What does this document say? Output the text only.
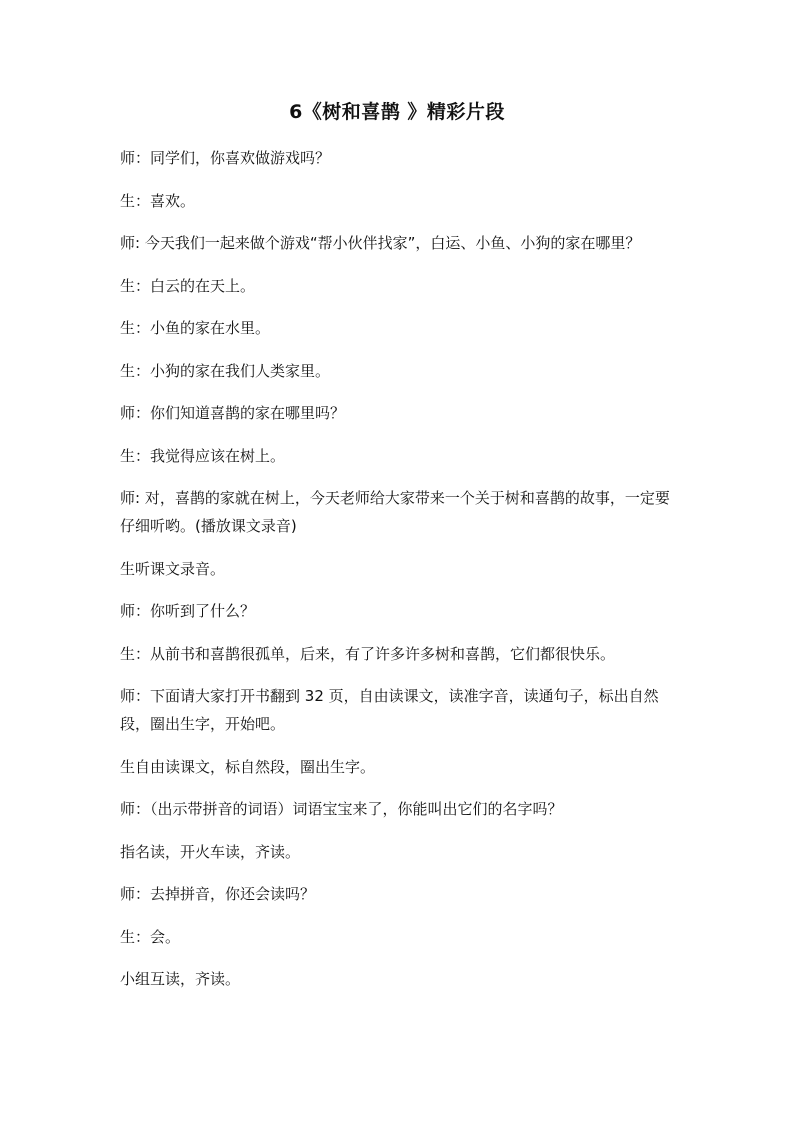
6《树和喜鹊 》精彩片段

师：同学们，你喜欢做游戏吗？

生：喜欢。

师: 今天我们一起来做个游戏“帮小伙伴找家”，白运、小鱼、小狗的家在哪里？

生：白云的在天上。

生：小鱼的家在水里。

生：小狗的家在我们人类家里。

师：你们知道喜鹊的家在哪里吗？

生：我觉得应该在树上。

师: 对，喜鹊的家就在树上，今天老师给大家带来一个关于树和喜鹊的故事，一定要仔细听哟。(播放课文录音)

生听课文录音。

师：你听到了什么？

生：从前书和喜鹊很孤单，后来，有了许多许多树和喜鹊，它们都很快乐。

师：下面请大家打开书翻到 32 页，自由读课文，读准字音，读通句子，标出自然段，圈出生字，开始吧。

生自由读课文，标自然段，圈出生字。

师：（出示带拼音的词语）词语宝宝来了，你能叫出它们的名字吗？

指名读，开火车读，齐读。

师：去掉拼音，你还会读吗？

生：会。

小组互读，齐读。
